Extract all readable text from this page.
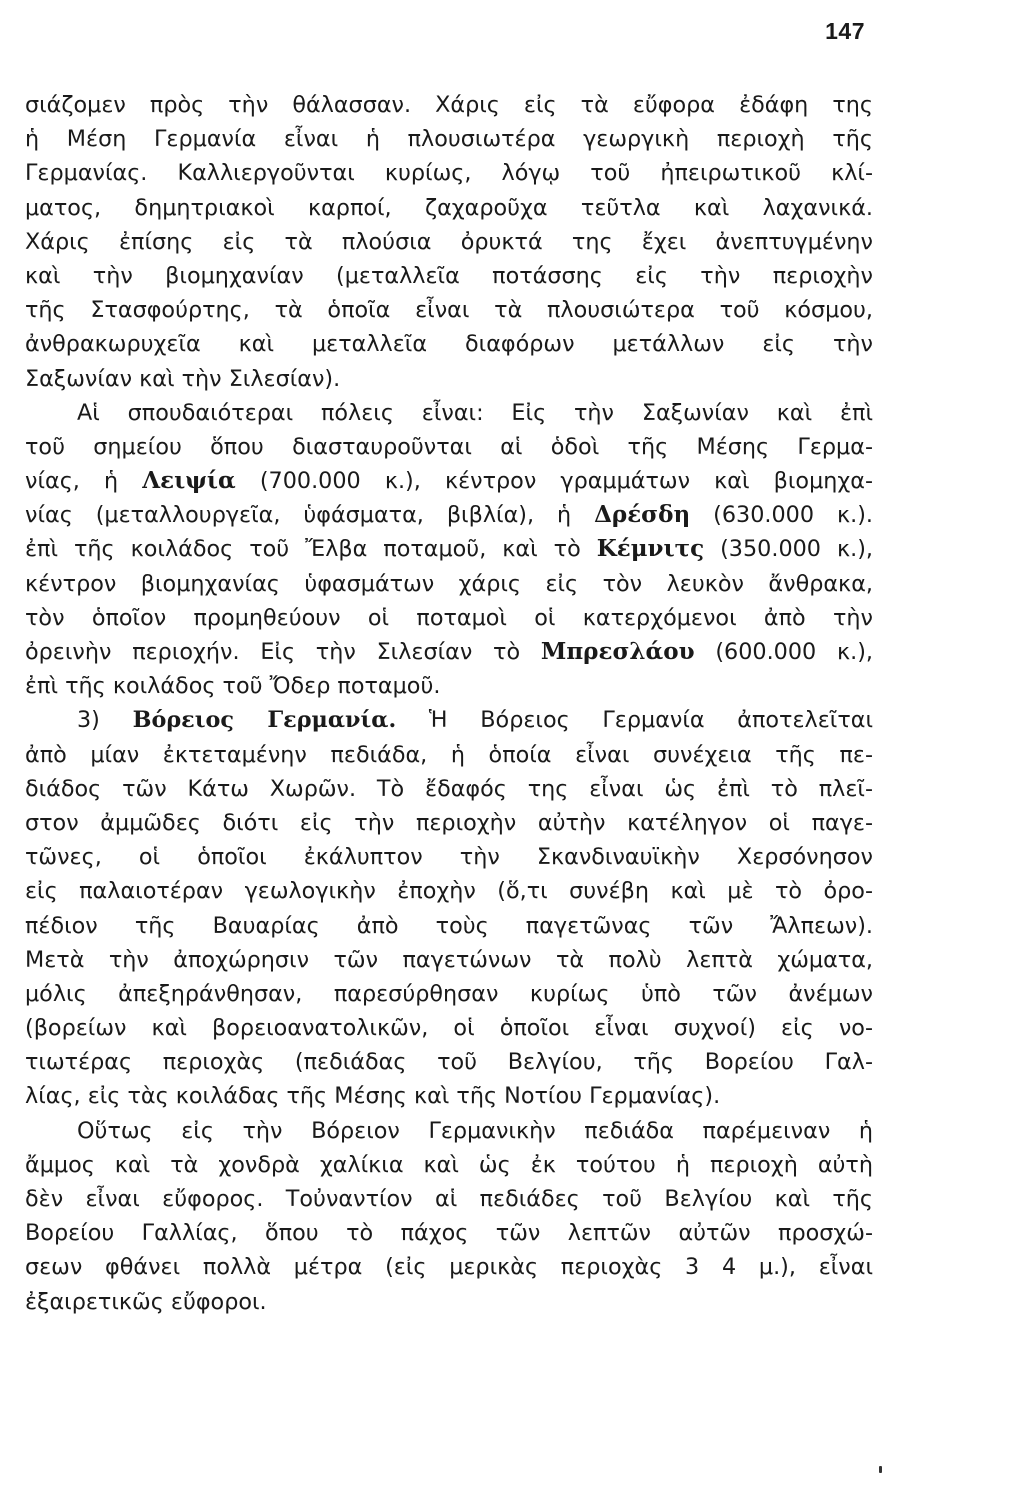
147
σιάζομεν πρὸς τὴν θάλασσαν. Χάρις εἰς τὰ εὔφορα ἐδάφη της
ἡ Μέση Γερμανία εἶναι ἡ πλουσιωτέρα γεωργικὴ περιοχὴ τῆς
Γερμανίας. Καλλιεργοῦνται κυρίως, λόγῳ τοῦ ἠπειρωτικοῦ κλί-
ματος, δημητριακοὶ καρποί, ζαχαροῦχα τεῦτλα καὶ λαχανικά.
Χάρις ἐπίσης εἰς τὰ πλούσια ὀρυκτά της ἔχει ἀνεπτυγμένην
καὶ τὴν βιομηχανίαν (μεταλλεῖα ποτάσσης εἰς τὴν περιοχὴν
τῆς Στασφούρτης, τὰ ὁποῖα εἶναι τὰ πλουσιώτερα τοῦ κόσμου,
ἀνθρακωρυχεῖα καὶ μεταλλεῖα διαφόρων μετάλλων εἰς τὴν
Σαξωνίαν καὶ τὴν Σιλεσίαν).
Αἱ σπουδαιότεραι πόλεις εἶναι: Εἰς τὴν Σαξωνίαν καὶ ἐπὶ
τοῦ σημείου ὅπου διασταυροῦνται αἱ ὁδοὶ τῆς Μέσης Γερμα-
νίας, ἡ Λειψία (700.000 κ.), κέντρον γραμμάτων καὶ βιομηχα-
νίας (μεταλλουργεῖα, ὑφάσματα, βιβλία), ἡ Δρέσδη (630.000 κ.).
ἐπὶ τῆς κοιλάδος τοῦ Ἔλβα ποταμοῦ, καὶ τὸ Κέμνιτς (350.000 κ.),
κέντρον βιομηχανίας ὑφασμάτων χάρις εἰς τὸν λευκὸν ἄνθρακα,
τὸν ὁποῖον προμηθεύουν οἱ ποταμοὶ οἱ κατερχόμενοι ἀπὸ τὴν
ὀρεινὴν περιοχήν. Εἰς τὴν Σιλεσίαν τὸ Μπρεσλάου (600.000 κ.),
ἐπὶ τῆς κοιλάδος τοῦ Ὄδερ ποταμοῦ.
3) Βόρειος Γερμανία. Ἡ Βόρειος Γερμανία ἀποτελεῖται
ἀπὸ μίαν ἐκτεταμένην πεδιάδα, ἡ ὁποία εἶναι συνέχεια τῆς πε-
διάδος τῶν Κάτω Χωρῶν. Τὸ ἔδαφός της εἶναι ὡς ἐπὶ τὸ πλεῖ-
στον ἀμμῶδες διότι εἰς τὴν περιοχὴν αὐτὴν κατέληγον οἱ παγε-
τῶνες, οἱ ὁποῖοι ἐκάλυπτον τὴν Σκανδιναυϊκὴν Χερσόνησον
εἰς παλαιοτέραν γεωλογικὴν ἐποχὴν (ὅ,τι συνέβη καὶ μὲ τὸ ὀρο-
πέδιον τῆς Βαυαρίας ἀπὸ τοὺς παγετῶνας τῶν Ἄλπεων).
Μετὰ τὴν ἀποχώρησιν τῶν παγετώνων τὰ πολὺ λεπτὰ χώματα,
μόλις ἀπεξηράνθησαν, παρεσύρθησαν κυρίως ὑπὸ τῶν ἀνέμων
(βορείων καὶ βορειοανατολικῶν, οἱ ὁποῖοι εἶναι συχνοί) εἰς νο-
τιωτέρας περιοχὰς (πεδιάδας τοῦ Βελγίου, τῆς Βορείου Γαλ-
λίας, εἰς τὰς κοιλάδας τῆς Μέσης καὶ τῆς Νοτίου Γερμανίας).
Οὕτως εἰς τὴν Βόρειον Γερμανικὴν πεδιάδα παρέμειναν ἡ
ἄμμος καὶ τὰ χονδρὰ χαλίκια καὶ ὡς ἐκ τούτου ἡ περιοχὴ αὐτὴ
δὲν εἶναι εὔφορος. Τοὐναντίον αἱ πεδιάδες τοῦ Βελγίου καὶ τῆς
Βορείου Γαλλίας, ὅπου τὸ πάχος τῶν λεπτῶν αὐτῶν προσχώ-
σεων φθάνει πολλὰ μέτρα (εἰς μερικὰς περιοχὰς 3 4 μ.), εἶναι
ἐξαιρετικῶς εὔφοροι.
